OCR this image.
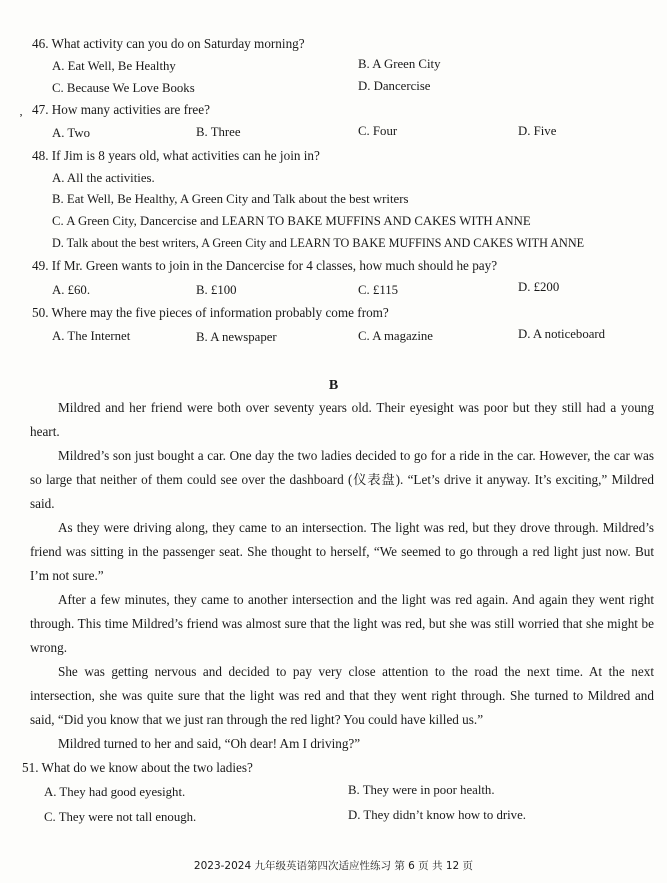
46. What activity can you do on Saturday morning?
A. Eat Well, Be Healthy	B. A Green City
C. Because We Love Books	D. Dancercise
‚ 47. How many activities are free?
A. Two	B. Three	C. Four	D. Five
48. If Jim is 8 years old, what activities can he join in?
A. All the activities.
B. Eat Well, Be Healthy, A Green City and Talk about the best writers
C. A Green City, Dancercise and LEARN TO BAKE MUFFINS AND CAKES WITH ANNE
D. Talk about the best writers, A Green City and LEARN TO BAKE MUFFINS AND CAKES WITH ANNE
49. If Mr. Green wants to join in the Dancercise for 4 classes, how much should he pay?
A. £60.	B. £100	C. £115	D. £200
50. Where may the five pieces of information probably come from?
A. The Internet	B. A newspaper	C. A magazine	D. A noticeboard
B
Mildred and her friend were both over seventy years old. Their eyesight was poor but they still had a young heart.
Mildred’s son just bought a car. One day the two ladies decided to go for a ride in the car. However, the car was so large that neither of them could see over the dashboard (仪表盘). “Let’s drive it anyway. It’s exciting,” Mildred said.
As they were driving along, they came to an intersection. The light was red, but they drove through. Mildred’s friend was sitting in the passenger seat. She thought to herself, “We seemed to go through a red light just now. But I’m not sure.”
After a few minutes, they came to another intersection and the light was red again. And again they went right through. This time Mildred’s friend was almost sure that the light was red, but she was still worried that she might be wrong.
She was getting nervous and decided to pay very close attention to the road the next time. At the next intersection, she was quite sure that the light was red and that they went right through. She turned to Mildred and said, “Did you know that we just ran through the red light? You could have killed us.”
Mildred turned to her and said, “Oh dear! Am I driving?”
51. What do we know about the two ladies?
A. They had good eyesight.	B. They were in poor health.
C. They were not tall enough.	D. They didn’t know how to drive.
2023-2024 九年级英语第四次适应性练习 第 6 页 共 12 页
